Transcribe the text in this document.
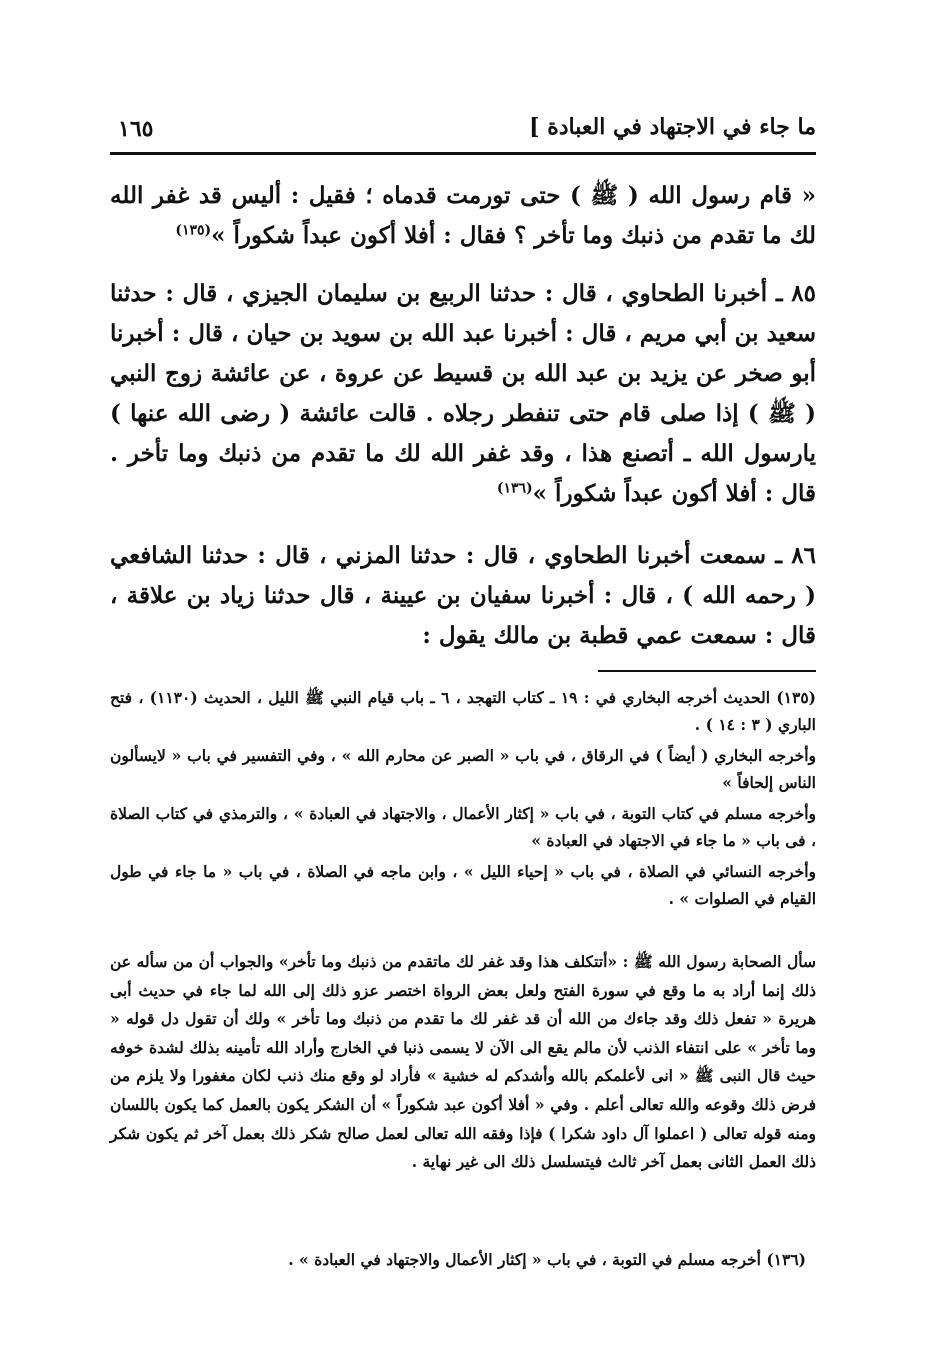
ما جاء في الاجتهاد في العبادة ]
١٦٥
« قام رسول الله ( ﷺ ) حتى تورمت قدماه ؛ فقيل : أليس قد غفر الله لك ما تقدم من ذنبك وما تأخر ؟ فقال : أفلا أكون عبداً شكوراً »$^{(١٣٥)}$
٨٥ ـ أخبرنا الطحاوي ، قال : حدثنا الربيع بن سليمان الجيزي ، قال : حدثنا سعيد بن أبي مريم ، قال : أخبرنا عبد الله بن سويد بن حيان ، قال : أخبرنا أبو صخر عن يزيد بن عبد الله بن قسيط عن عروة ، عن عائشة زوج النبي ( ﷺ ) إذا صلى قام حتى تنفطر رجلاه . قالت عائشة ( رضى الله عنها ) يارسول الله ـ أتصنع هذا ، وقد غفر الله لك ما تقدم من ذنبك وما تأخر . قال : أفلا أكون عبداً شكوراً »$^{(١٣٦)}$
٨٦ ـ سمعت أخبرنا الطحاوي ، قال : حدثنا المزني ، قال : حدثنا الشافعي ( رحمه الله ) ، قال : أخبرنا سفيان بن عيينة ، قال حدثنا زياد بن علاقة ، قال : سمعت عمي قطبة بن مالك يقول :

(١٣٥) الحديث أخرجه البخاري في : ١٩ ـ كتاب التهجد ، ٦ ـ باب قيام النبي ﷺ الليل ، الحديث (١١٣٠) ، فتح الباري ( ٣ : ١٤ ) .

وأخرجه البخاري ( أيضاً ) في الرقاق ، في باب « الصبر عن محارم الله » ، وفي التفسير في باب « لايسألون الناس إلحافاً »

وأخرجه مسلم في كتاب التوبة ، في باب « إكثار الأعمال ، والاجتهاد في العبادة » ، والترمذي في كتاب الصلاة ، فى باب « ما جاء في الاجتهاد في العبادة »

وأخرجه النسائي في الصلاة ، في باب « إحياء الليل » ، وابن ماجه في الصلاة ، في باب « ما جاء في طول القيام في الصلوات » .

سأل الصحابة رسول الله ﷺ : «أتتكلف هذا وقد غفر لك ماتقدم من ذنبك وما تأخر» والجواب أن من سأله عن ذلك إنما أراد به ما وقع في سورة الفتح ولعل بعض الرواة اختصر عزو ذلك إلى الله لما جاء في حديث أبى هريرة « تفعل ذلك وقد جاءك من الله أن قد غفر لك ما تقدم من ذنبك وما تأخر » ولك أن تقول دل قوله « وما تأخر » على انتفاء الذنب لأن مالم يقع الى الآن لا يسمى ذنبا في الخارج وأراد الله تأمينه بذلك لشدة خوفه حيث قال النبى ﷺ « انى لأعلمكم بالله وأشدكم له خشية » فأراد لو وقع منك ذنب لكان مغفورا ولا يلزم من فرض ذلك وقوعه والله تعالى أعلم . وفي « أفلا أكون عبد شكوراً » أن الشكر يكون بالعمل كما يكون باللسان ومنه قوله تعالى ( اعملوا آل داود شكرا ) فإذا وفقه الله تعالى لعمل صالح شكر ذلك بعمل آخر ثم يكون شكر ذلك العمل الثانى بعمل آخر ثالث فيتسلسل ذلك الى غير نهاية .
(١٣٦) أخرجه مسلم في التوبة ، في باب « إكثار الأعمال والاجتهاد في العبادة » .
